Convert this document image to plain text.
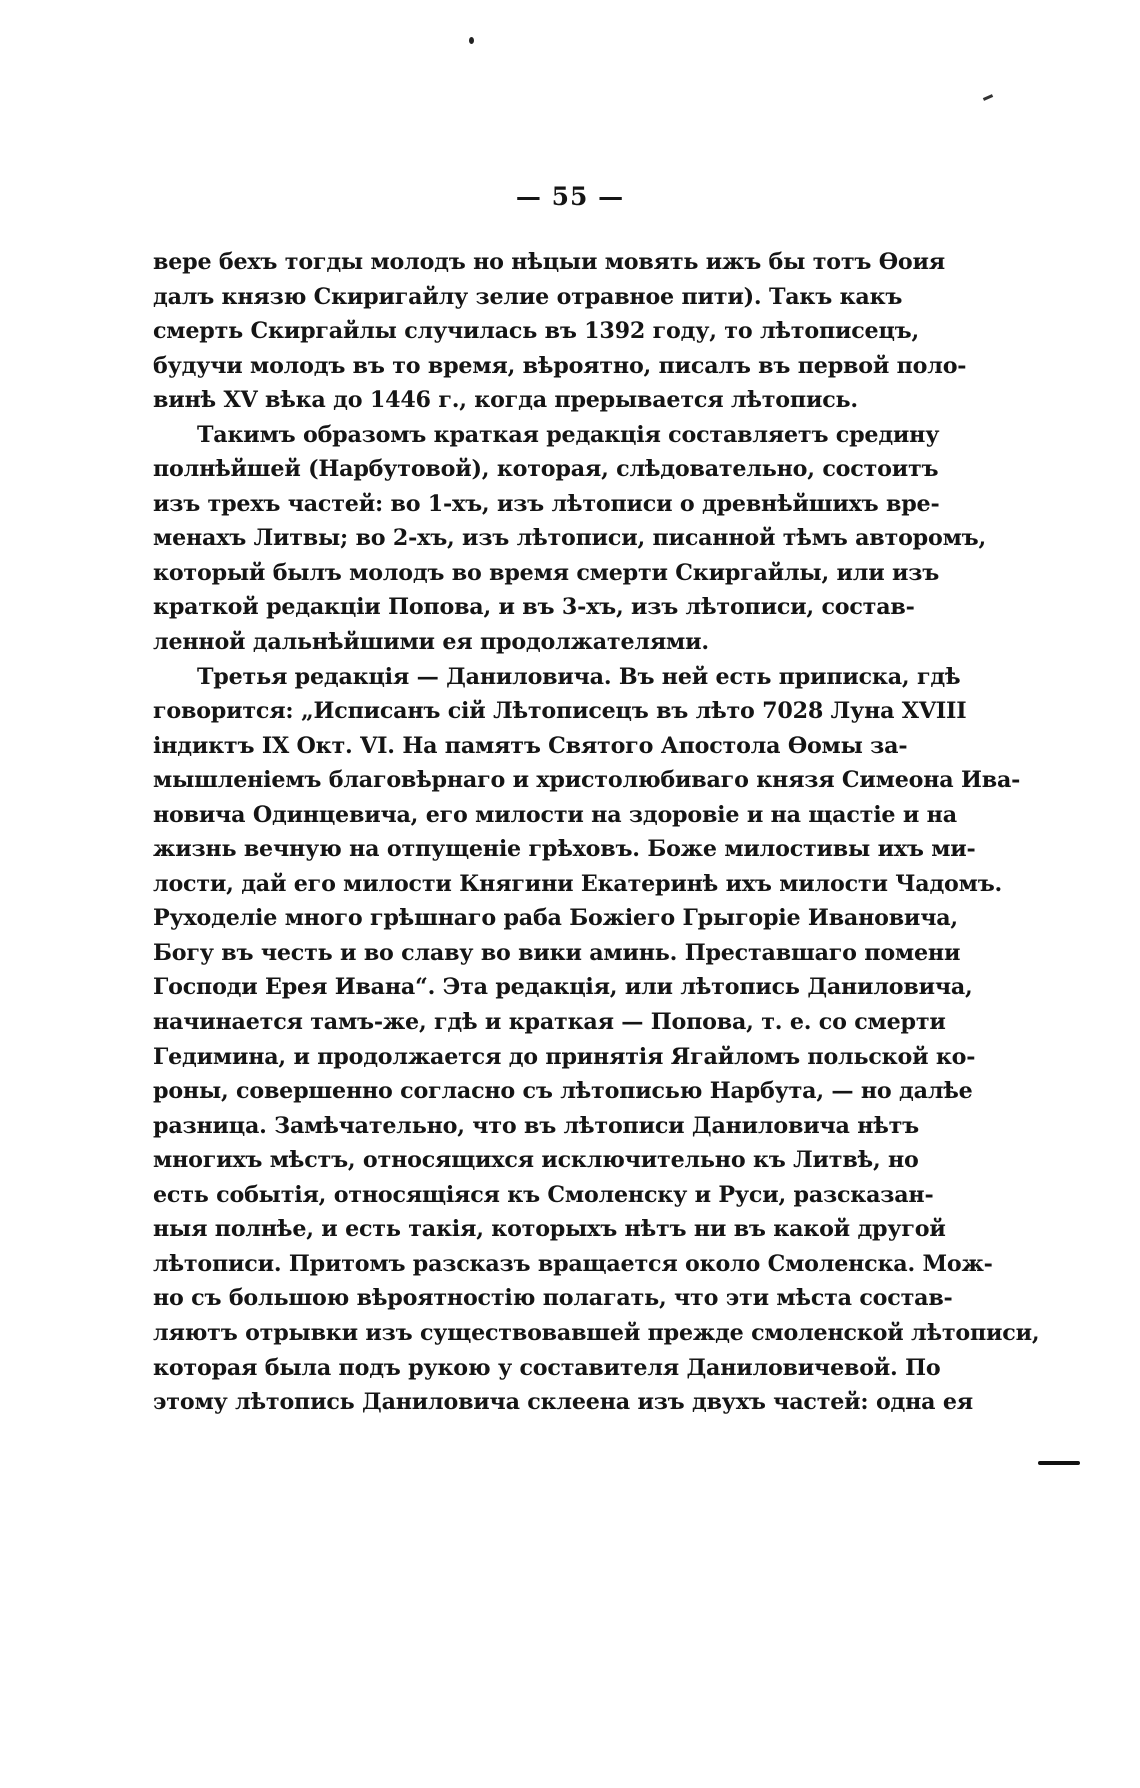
— 55 —
вере бехъ тогды молодъ но нѣцыи мовять ижъ бы тотъ Ѳоия
далъ князю Скиригайлу зелие отравное пити). Такъ какъ
смерть Скиргайлы случилась въ 1392 году, то лѣтописецъ,
будучи молодъ въ то время, вѣроятно, писалъ въ первой поло-
винѣ XV вѣка до 1446 г., когда прерывается лѣтопись.
Такимъ образомъ краткая редакція составляетъ средину
полнѣйшей (Нарбутовой), которая, слѣдовательно, состоитъ
изъ трехъ частей: во 1-хъ, изъ лѣтописи о древнѣйшихъ вре-
менахъ Литвы; во 2-хъ, изъ лѣтописи, писанной тѣмъ авторомъ,
который былъ молодъ во время смерти Скиргайлы, или изъ
краткой редакціи Попова, и въ 3-хъ, изъ лѣтописи, состав-
ленной дальнѣйшими ея продолжателями.
Третья редакція — Даниловича. Въ ней есть приписка, гдѣ
говорится: „Исписанъ сій Лѣтописецъ въ лѣто 7028 Луна XVIII
індиктъ IX Окт. VI. На памятъ Святого Апостола Ѳомы за-
мышленіемъ благовѣрнаго и христолюбиваго князя Симеона Ива-
новича Одинцевича, его милости на здоровіе и на щастіе и на
жизнь вечную на отпущеніе грѣховъ. Боже милостивы ихъ ми-
лости, дай его милости Княгини Екатеринѣ ихъ милости Чадомъ.
Руходеліе много грѣшнаго раба Божіего Грыгоріе Ивановича,
Богу въ честь и во славу во вики аминь. Преставшаго помени
Господи Ерея Ивана“. Эта редакція, или лѣтопись Даниловича,
начинается тамъ-же, гдѣ и краткая — Попова, т. е. со смерти
Гедимина, и продолжается до принятія Ягайломъ польской ко-
роны, совершенно согласно съ лѣтописью Нарбута, — но далѣе
разница. Замѣчательно, что въ лѣтописи Даниловича нѣтъ
многихъ мѣстъ, относящихся исключительно къ Литвѣ, но
есть событія, относящіяся къ Смоленску и Руси, разсказан-
ныя полнѣе, и есть такія, которыхъ нѣтъ ни въ какой другой
лѣтописи. Притомъ разсказъ вращается около Смоленска. Мож-
но съ большою вѣроятностію полагать, что эти мѣста состав-
ляютъ отрывки изъ существовавшей прежде смоленской лѣтописи,
которая была подъ рукою у составителя Даниловичевой. По
этому лѣтопись Даниловича склеена изъ двухъ частей: одна ея
